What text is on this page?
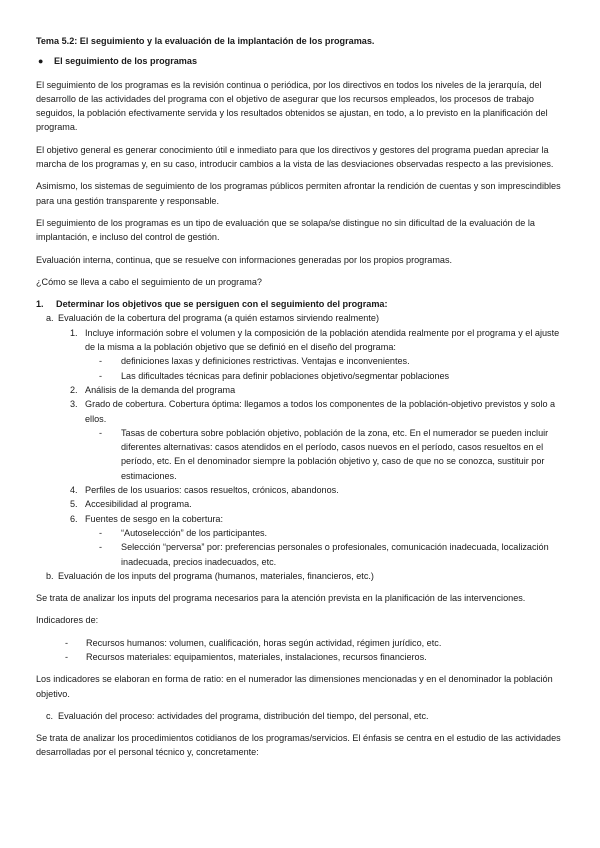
Tema 5.2: El seguimiento y la evaluación de la implantación de los programas.

● El seguimiento de los programas

El seguimiento de los programas es la revisión continua o periódica, por los directivos en todos los niveles de la jerarquía, del desarrollo de las actividades del programa con el objetivo de asegurar que los recursos empleados, los procesos de trabajo seguidos, la población efectivamente servida y los resultados obtenidos se ajustan, en todo, a lo previsto en la planificación del programa.

El objetivo general es generar conocimiento útil e inmediato para que los directivos y gestores del programa puedan apreciar la marcha de los programas y, en su caso, introducir cambios a la vista de las desviaciones observadas respecto a las previsiones.

Asimismo, los sistemas de seguimiento de los programas públicos permiten afrontar la rendición de cuentas y son imprescindibles para una gestión transparente y responsable.

El seguimiento de los programas es un tipo de evaluación que se solapa/se distingue no sin dificultad de la evaluación de la implantación, e incluso del control de gestión.

Evaluación interna, continua, que se resuelve con informaciones generadas por los propios programas.

¿Cómo se lleva a cabo el seguimiento de un programa?

1. Determinar los objetivos que se persiguen con el seguimiento del programa:
a. Evaluación de la cobertura del programa (a quién estamos sirviendo realmente)
1. Incluye información sobre el volumen y la composición de la población atendida realmente por el programa y el ajuste de la misma a la población objetivo que se definió en el diseño del programa:
- definiciones laxas y definiciones restrictivas. Ventajas e inconvenientes.
- Las dificultades técnicas para definir poblaciones objetivo/segmentar poblaciones
2. Análisis de la demanda del programa
3. Grado de cobertura. Cobertura óptima: llegamos a todos los componentes de la población-objetivo previstos y solo a ellos.
- Tasas de cobertura sobre población objetivo, población de la zona, etc. En el numerador se pueden incluir diferentes alternativas: casos atendidos en el período, casos nuevos en el período, casos resueltos en el período, etc. En el denominador siempre la población objetivo y, caso de que no se conozca, sustituir por estimaciones.
4. Perfiles de los usuarios: casos resueltos, crónicos, abandonos.
5. Accesibilidad al programa.
6. Fuentes de sesgo en la cobertura:
- “Autoselección” de los participantes.
- Selección “perversa” por: preferencias personales o profesionales, comunicación inadecuada, localización inadecuada, precios inadecuados, etc.
b. Evaluación de los inputs del programa (humanos, materiales, financieros, etc.)

Se trata de analizar los inputs del programa necesarios para la atención prevista en la planificación de las intervenciones.

Indicadores de:

- Recursos humanos: volumen, cualificación, horas según actividad, régimen jurídico, etc.
- Recursos materiales: equipamientos, materiales, instalaciones, recursos financieros.

Los indicadores se elaboran en forma de ratio: en el numerador las dimensiones mencionadas y en el denominador la población objetivo.

c. Evaluación del proceso: actividades del programa, distribución del tiempo, del personal, etc.

Se trata de analizar los procedimientos cotidianos de los programas/servicios. El énfasis se centra en el estudio de las actividades desarrolladas por el personal técnico y, concretamente:
